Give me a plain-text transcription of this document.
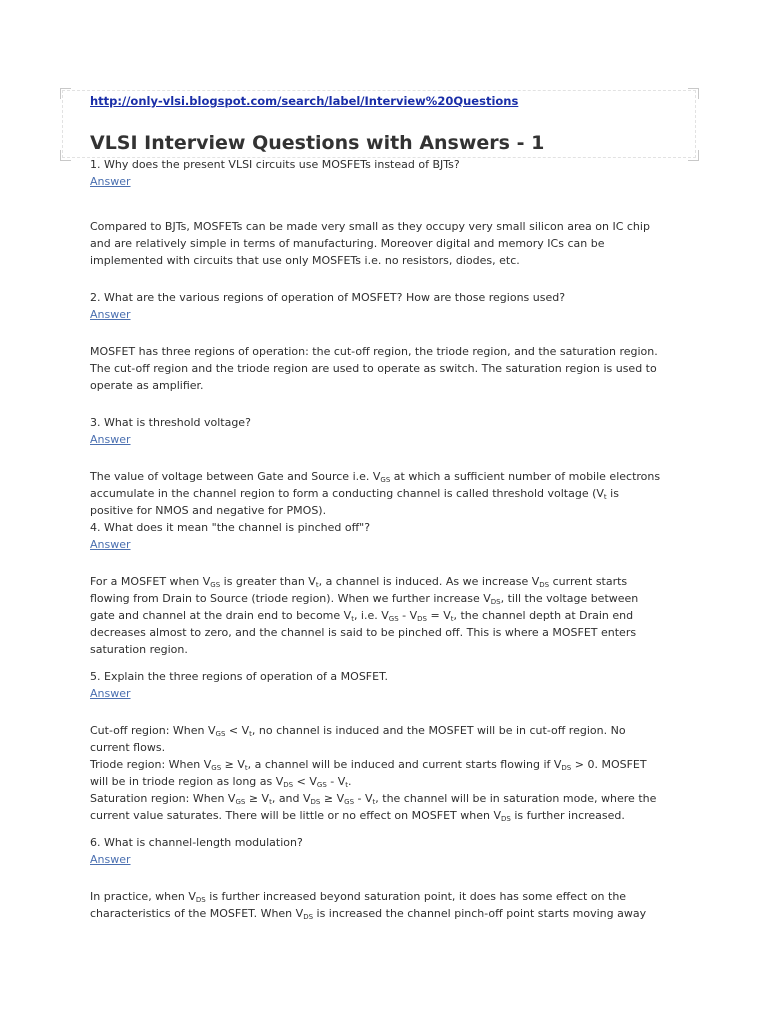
http://only-vlsi.blogspot.com/search/label/Interview%20Questions
VLSI Interview Questions with Answers - 1

1. Why does the present VLSI circuits use MOSFETs instead of BJTs?

Answer

Compared to BJTs, MOSFETs can be made very small as they occupy very small silicon area on IC chip

and are relatively simple in terms of manufacturing. Moreover digital and memory ICs can be

implemented with circuits that use only MOSFETs i.e. no resistors, diodes, etc.

2. What are the various regions of operation of MOSFET? How are those regions used?

Answer

MOSFET has three regions of operation: the cut-off region, the triode region, and the saturation region.

The cut-off region and the triode region are used to operate as switch. The saturation region is used to

operate as amplifier.

3. What is threshold voltage?

Answer

The value of voltage between Gate and Source i.e. $V_{GS}$ at which a sufficient number of mobile electrons

accumulate in the channel region to form a conducting channel is called threshold voltage ($V_t$ is

positive for NMOS and negative for PMOS).

4. What does it mean "the channel is pinched off"?

Answer

For a MOSFET when $V_{GS}$ is greater than $V_t$, a channel is induced. As we increase $V_{DS}$ current starts

flowing from Drain to Source (triode region). When we further increase $V_{DS}$, till the voltage between

gate and channel at the drain end to become $V_t$, i.e. $V_{GS} - V_{DS} = V_t$, the channel depth at Drain end

decreases almost to zero, and the channel is said to be pinched off. This is where a MOSFET enters

saturation region.

5. Explain the three regions of operation of a MOSFET.

Answer

Cut-off region: When $V_{GS} < V_t$, no channel is induced and the MOSFET will be in cut-off region. No

current flows.

Triode region: When $V_{GS} \ge V_t$, a channel will be induced and current starts flowing if $V_{DS} > 0$. MOSFET

will be in triode region as long as $V_{DS} < V_{GS} - V_t$.

Saturation region: When $V_{GS} \ge V_t$, and $V_{DS} \ge V_{GS} - V_t$, the channel will be in saturation mode, where the

current value saturates. There will be little or no effect on MOSFET when $V_{DS}$ is further increased.

6. What is channel-length modulation?

Answer

In practice, when $V_{DS}$ is further increased beyond saturation point, it does has some effect on the

characteristics of the MOSFET. When $V_{DS}$ is increased the channel pinch-off point starts moving away
